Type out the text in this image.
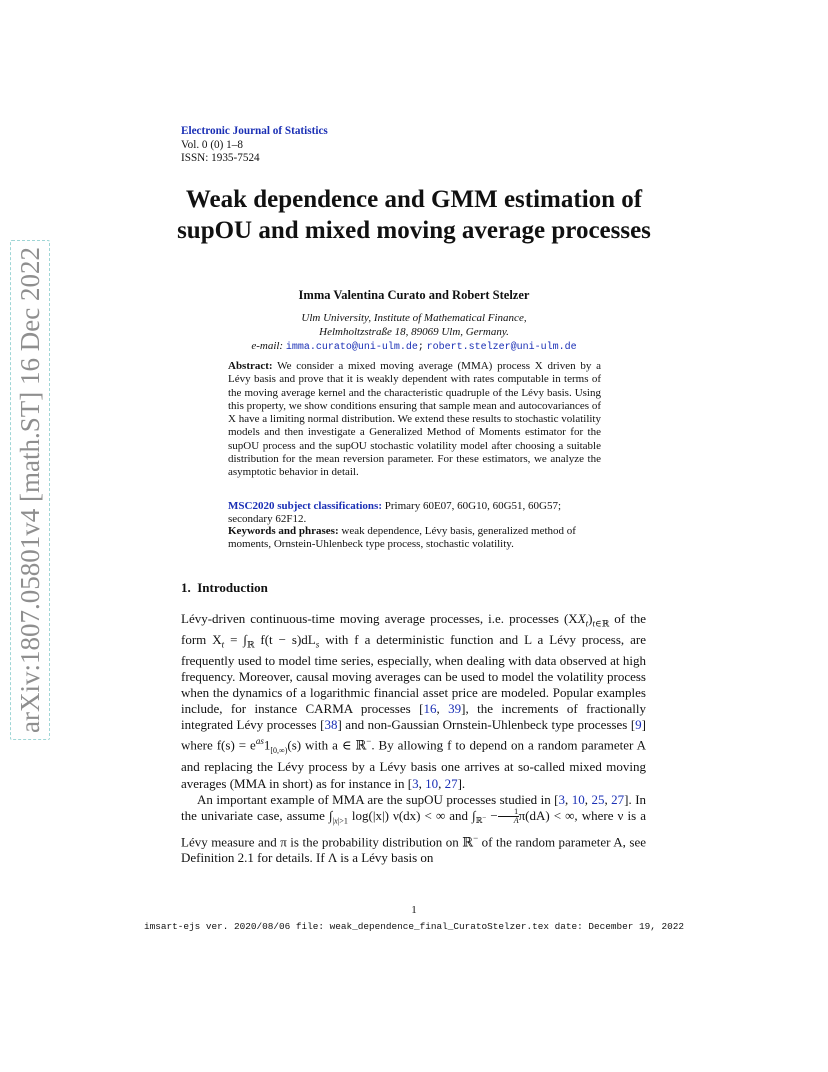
arXiv:1807.05801v4 [math.ST] 16 Dec 2022
Electronic Journal of Statistics
Vol. 0 (0) 1–8
ISSN: 1935-7524
Weak dependence and GMM estimation of supOU and mixed moving average processes
Imma Valentina Curato and Robert Stelzer
Ulm University, Institute of Mathematical Finance,
Helmholtzstraße 18, 89069 Ulm, Germany.
e-mail: imma.curato@uni-ulm.de; robert.stelzer@uni-ulm.de
Abstract: We consider a mixed moving average (MMA) process X driven by a Lévy basis and prove that it is weakly dependent with rates computable in terms of the moving average kernel and the characteristic quadruple of the Lévy basis. Using this property, we show conditions ensuring that sample mean and autocovariances of X have a limiting normal distribution. We extend these results to stochastic volatility models and then investigate a Generalized Method of Moments estimator for the supOU process and the supOU stochastic volatility model after choosing a suitable distribution for the mean reversion parameter. For these estimators, we analyze the asymptotic behavior in detail.
MSC2020 subject classifications: Primary 60E07, 60G10, 60G51, 60G57; secondary 62F12.
Keywords and phrases: weak dependence, Lévy basis, generalized method of moments, Ornstein-Uhlenbeck type process, stochastic volatility.
1. Introduction

Lévy-driven continuous-time moving average processes, i.e. processes $(XX_t)_{t\in ℝ}$ of the form $X_t = \int_ℝ$ $f(t - s)dL_s$ with f a deterministic function and L a Lévy process, are frequently used to model time series, especially, when dealing with data observed at high frequency. Moreover, causal moving averages can be used to model the volatility process when the dynamics of a logarithmic financial asset price are modeled. Popular examples include, for instance CARMA processes [16, 39], the increments of fractionally integrated Lévy processes [38] and non-Gaussian Ornstein-Uhlenbeck type processes [9] where $f(s) = e^{as}1_{[0,\infty)}(s)$ with a ∈ ℝ−. By allowing f to depend on a random parameter A and replacing the Lévy process by a Lévy basis one arrives at so-called mixed moving averages (MMA in short) as for instance in [3, 10, 27].

An important example of MMA are the supOU processes studied in [3, 10, 25, 27]. In the univariate case, assume $\int_{|x|>1}$ log(|x|) ν(dx) < ∞ and $\int_{ℝ^-} - \frac{1}{A} \pi(dA)$ < ∞, where ν is a Lévy measure and π is the probability distribution on ℝ− of the random parameter A, see Definition 2.1 for details. If Λ is a Lévy basis on

1
imsart-ejs ver. 2020/08/06 file: weak_dependence_final_CuratoStelzer.tex date: December 19, 2022
